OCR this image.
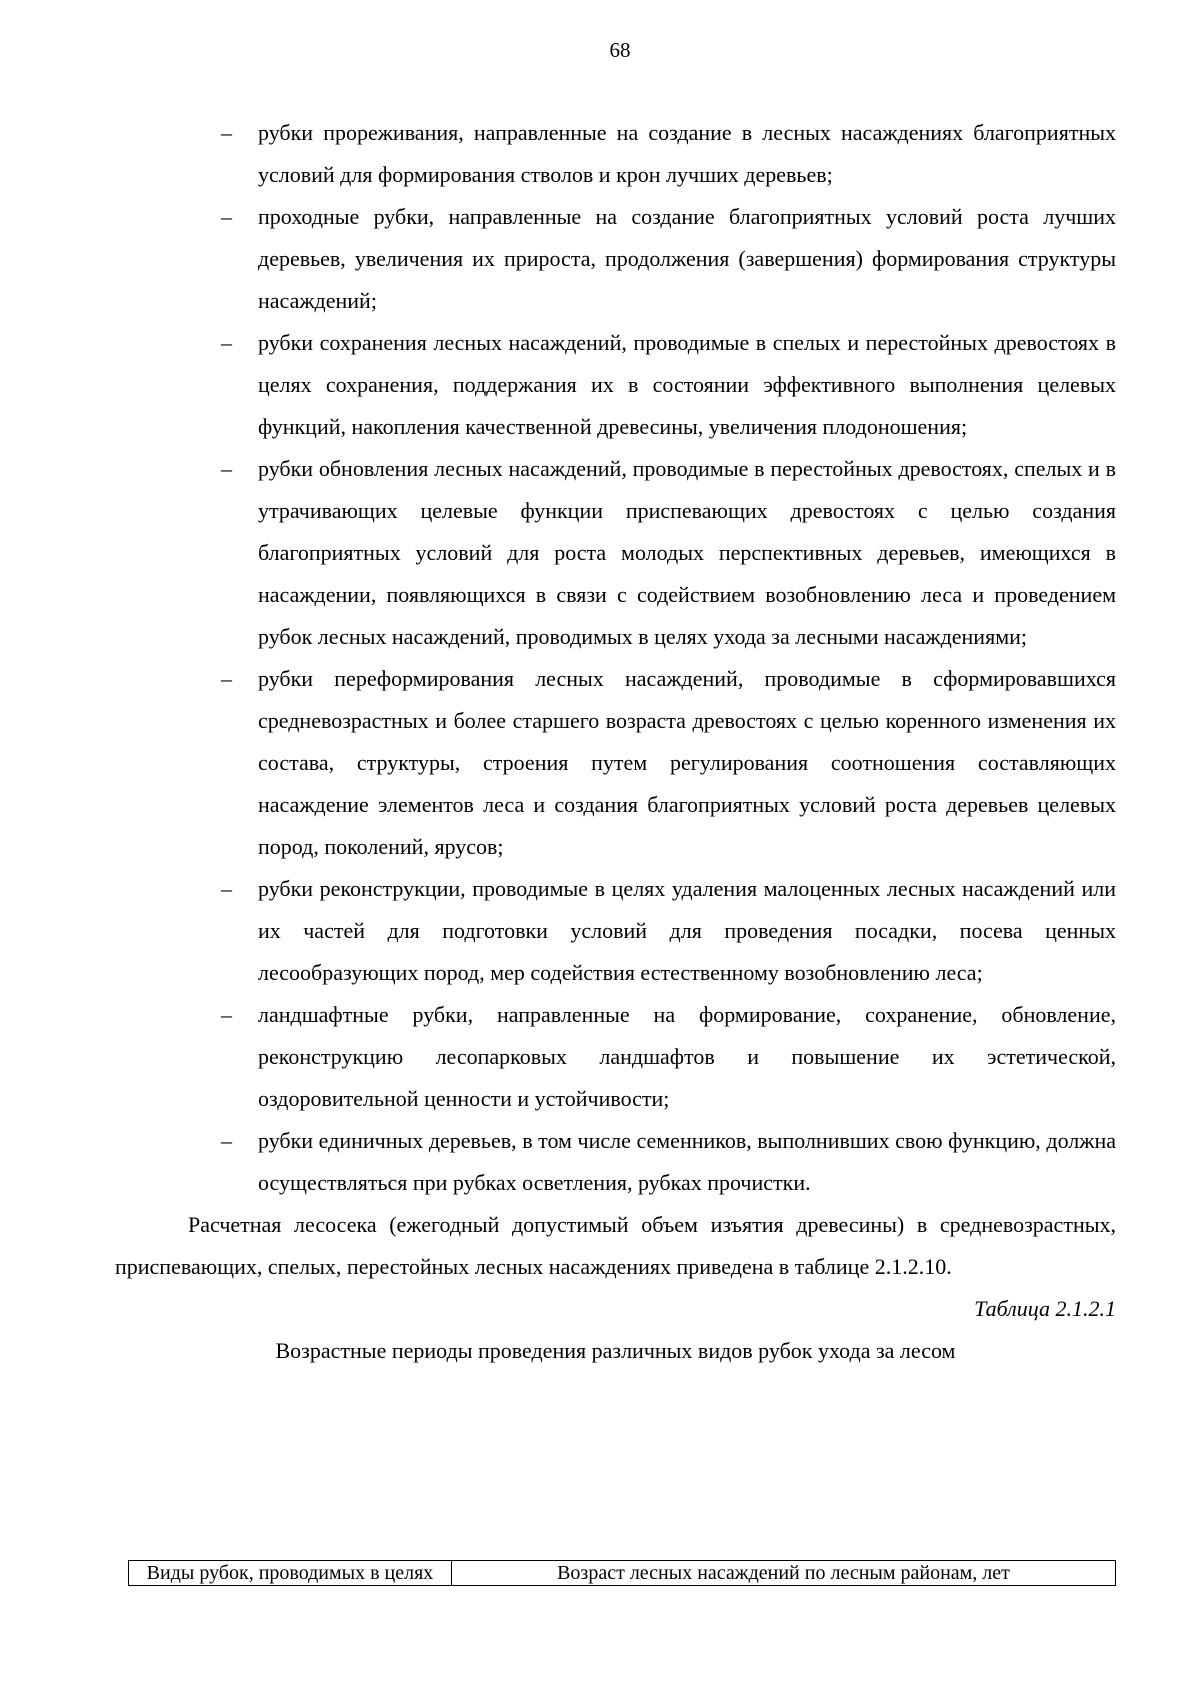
68
– рубки прореживания, направленные на создание в лесных насаждениях благоприятных условий для формирования стволов и крон лучших деревьев;
– проходные рубки, направленные на создание благоприятных условий роста лучших деревьев, увеличения их прироста, продолжения (завершения) формирования структуры насаждений;
– рубки сохранения лесных насаждений, проводимые в спелых и перестойных древостоях в целях сохранения, поддержания их в состоянии эффективного выполнения целевых функций, накопления качественной древесины, увеличения плодоношения;
– рубки обновления лесных насаждений, проводимые в перестойных древостоях, спелых и в утрачивающих целевые функции приспевающих древостоях с целью создания благоприятных условий для роста молодых перспективных деревьев, имеющихся в насаждении, появляющихся в связи с содействием возобновлению леса и проведением рубок лесных насаждений, проводимых в целях ухода за лесными насаждениями;
– рубки переформирования лесных насаждений, проводимые в сформировавшихся средневозрастных и более старшего возраста древостоях с целью коренного изменения их состава, структуры, строения путем регулирования соотношения составляющих насаждение элементов леса и создания благоприятных условий роста деревьев целевых пород, поколений, ярусов;
– рубки реконструкции, проводимые в целях удаления малоценных лесных насаждений или их частей для подготовки условий для проведения посадки, посева ценных лесообразующих пород, мер содействия естественному возобновлению леса;
– ландшафтные рубки, направленные на формирование, сохранение, обновление, реконструкцию лесопарковых ландшафтов и повышение их эстетической, оздоровительной ценности и устойчивости;
– рубки единичных деревьев, в том числе семенников, выполнивших свою функцию, должна осуществляться при рубках осветления, рубках прочистки.
Расчетная лесосека (ежегодный допустимый объем изъятия древесины) в средневозрастных, приспевающих, спелых, перестойных лесных насаждениях приведена в таблице 2.1.2.10.
Таблица 2.1.2.1
Возрастные периоды проведения различных видов рубок ухода за лесом
Виды рубок, проводимых в целях	Возраст лесных насаждений по лесным районам, лет
